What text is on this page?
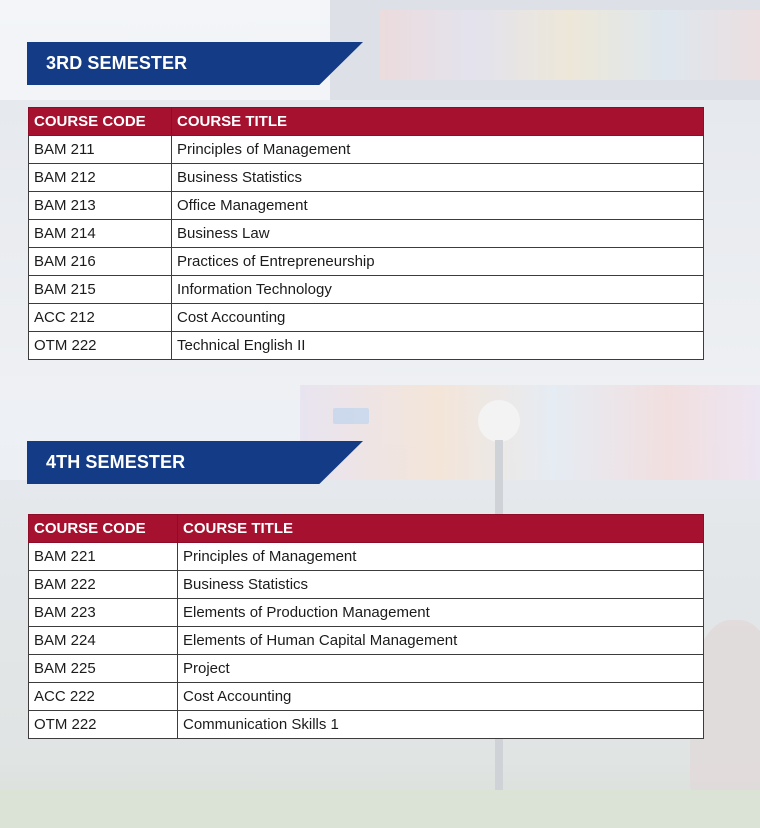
3RD SEMESTER
COURSE CODE	COURSE TITLE
BAM 211	Principles of Management
BAM 212	Business Statistics
BAM 213	Office Management
BAM 214	Business Law
BAM 216	Practices of Entrepreneurship
BAM 215	Information Technology
ACC 212	Cost Accounting
OTM 222	Technical English II
4TH SEMESTER
COURSE CODE	COURSE TITLE
BAM 221	Principles of Management
BAM 222	Business Statistics
BAM 223	Elements of Production Management
BAM 224	Elements of Human Capital Management
BAM 225	Project
ACC 222	Cost Accounting
OTM 222	Communication Skills 1
